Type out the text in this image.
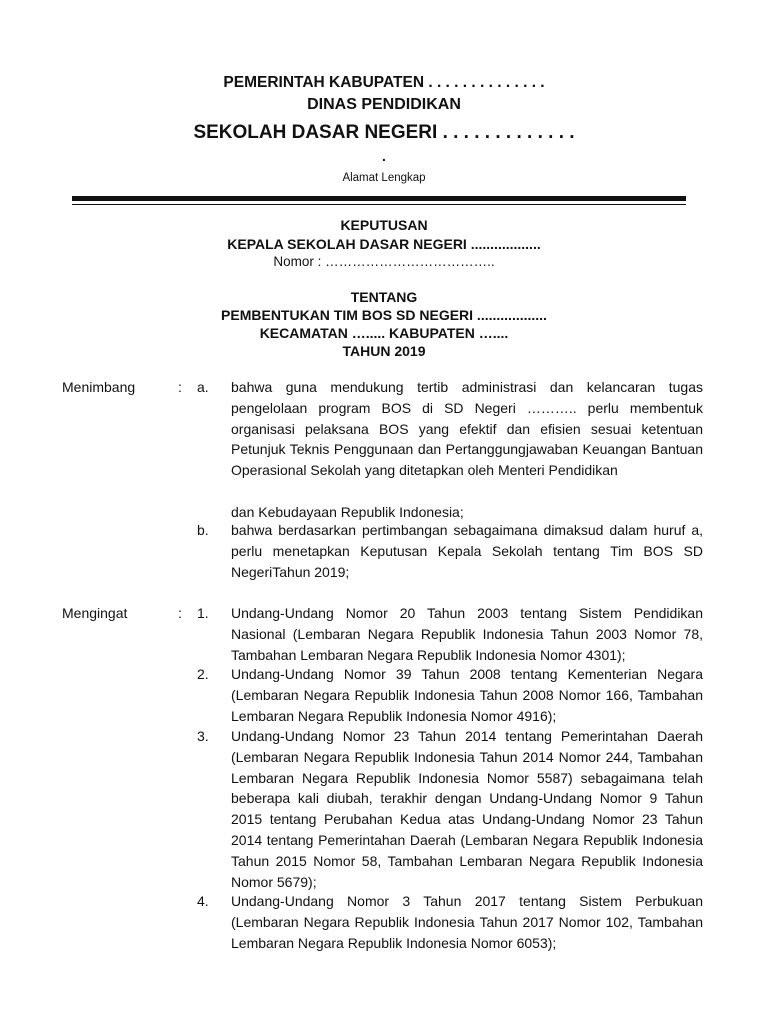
PEMERINTAH KABUPATEN . . . . . . . . . . . . . .
DINAS PENDIDIKAN
SEKOLAH DASAR NEGERI . . . . . . . . . . . . .
.
Alamat Lengkap
KEPUTUSAN
KEPALA SEKOLAH DASAR NEGERI ..................
Nomor : ………………………………..
TENTANG
PEMBENTUKAN TIM BOS SD NEGERI ..................
KECAMATAN …..... KABUPATEN …....
TAHUN 2019
Menimbang	: a. bahwa guna mendukung tertib administrasi dan kelancaran tugas pengelolaan program BOS di SD Negeri ……….. perlu membentuk organisasi pelaksana BOS yang efektif dan efisien sesuai ketentuan Petunjuk Teknis Penggunaan dan Pertanggungjawaban Keuangan Bantuan Operasional Sekolah yang ditetapkan oleh Menteri Pendidikan
dan Kebudayaan Republik Indonesia;
b. bahwa berdasarkan pertimbangan sebagaimana dimaksud dalam huruf a, perlu menetapkan Keputusan Kepala Sekolah tentang Tim BOS SD NegeriTahun 2019;
Mengingat	: 1. Undang-Undang Nomor 20 Tahun 2003 tentang Sistem Pendidikan Nasional (Lembaran Negara Republik Indonesia Tahun 2003 Nomor 78, Tambahan Lembaran Negara Republik Indonesia Nomor 4301);
2. Undang-Undang Nomor 39 Tahun 2008 tentang Kementerian Negara (Lembaran Negara Republik Indonesia Tahun 2008 Nomor 166, Tambahan Lembaran Negara Republik Indonesia Nomor 4916);
3. Undang-Undang Nomor 23 Tahun 2014 tentang Pemerintahan Daerah (Lembaran Negara Republik Indonesia Tahun 2014 Nomor 244, Tambahan Lembaran Negara Republik Indonesia Nomor 5587) sebagaimana telah beberapa kali diubah, terakhir dengan Undang-Undang Nomor 9 Tahun 2015 tentang Perubahan Kedua atas Undang-Undang Nomor 23 Tahun 2014 tentang Pemerintahan Daerah (Lembaran Negara Republik Indonesia Tahun 2015 Nomor 58, Tambahan Lembaran Negara Republik Indonesia Nomor 5679);
4. Undang-Undang Nomor 3 Tahun 2017 tentang Sistem Perbukuan (Lembaran Negara Republik Indonesia Tahun 2017 Nomor 102, Tambahan Lembaran Negara Republik Indonesia Nomor 6053);
